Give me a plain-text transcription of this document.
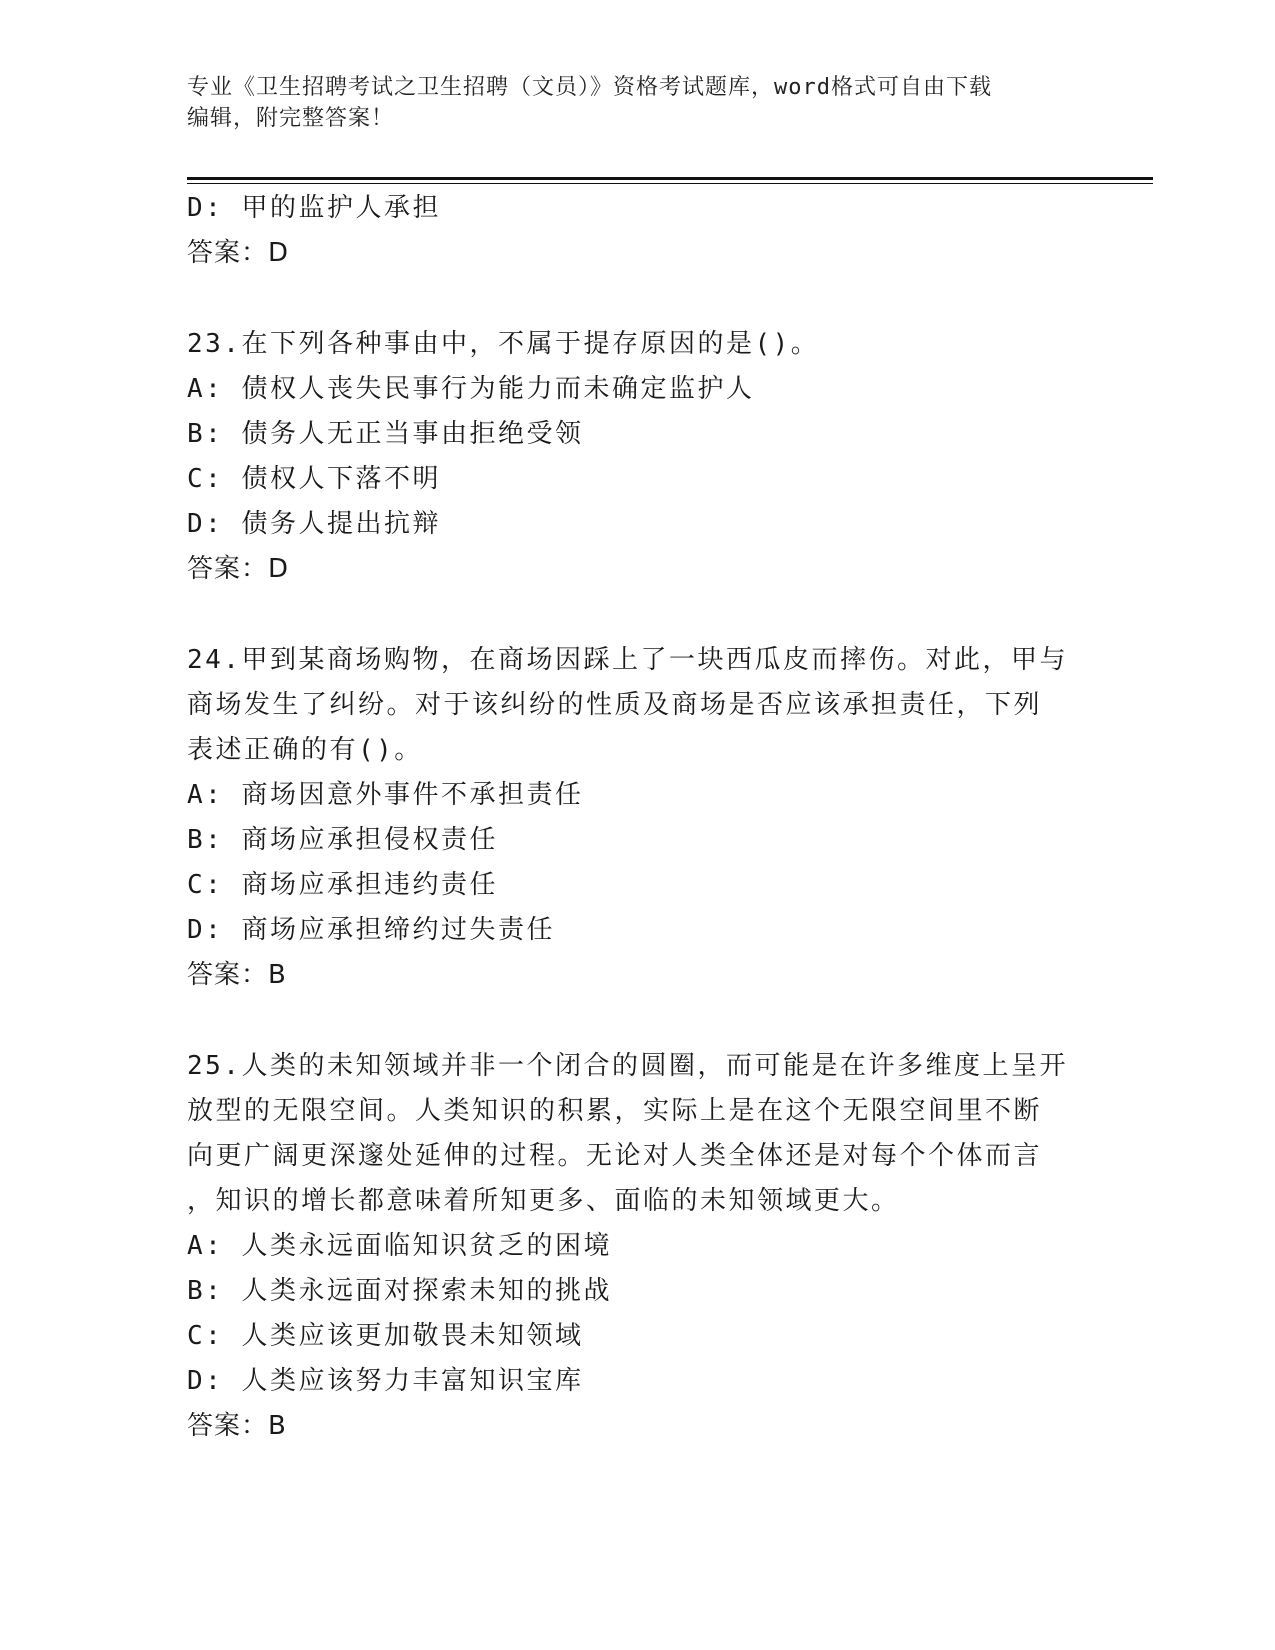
专业《卫生招聘考试之卫生招聘（文员）》资格考试题库，word格式可自由下载
编辑，附完整答案！
D: 甲的监护人承担
答案：D
23.在下列各种事由中，不属于提存原因的是()。
A: 债权人丧失民事行为能力而未确定监护人
B: 债务人无正当事由拒绝受领
C: 债权人下落不明
D: 债务人提出抗辩
答案：D
24.甲到某商场购物，在商场因踩上了一块西瓜皮而摔伤。对此，甲与
商场发生了纠纷。对于该纠纷的性质及商场是否应该承担责任，下列
表述正确的有()。
A: 商场因意外事件不承担责任
B: 商场应承担侵权责任
C: 商场应承担违约责任
D: 商场应承担缔约过失责任
答案：B
25.人类的未知领域并非一个闭合的圆圈，而可能是在许多维度上呈开
放型的无限空间。人类知识的积累，实际上是在这个无限空间里不断
向更广阔更深邃处延伸的过程。无论对人类全体还是对每个个体而言
，知识的增长都意味着所知更多、面临的未知领域更大。
A: 人类永远面临知识贫乏的困境
B: 人类永远面对探索未知的挑战
C: 人类应该更加敬畏未知领域
D: 人类应该努力丰富知识宝库
答案：B
